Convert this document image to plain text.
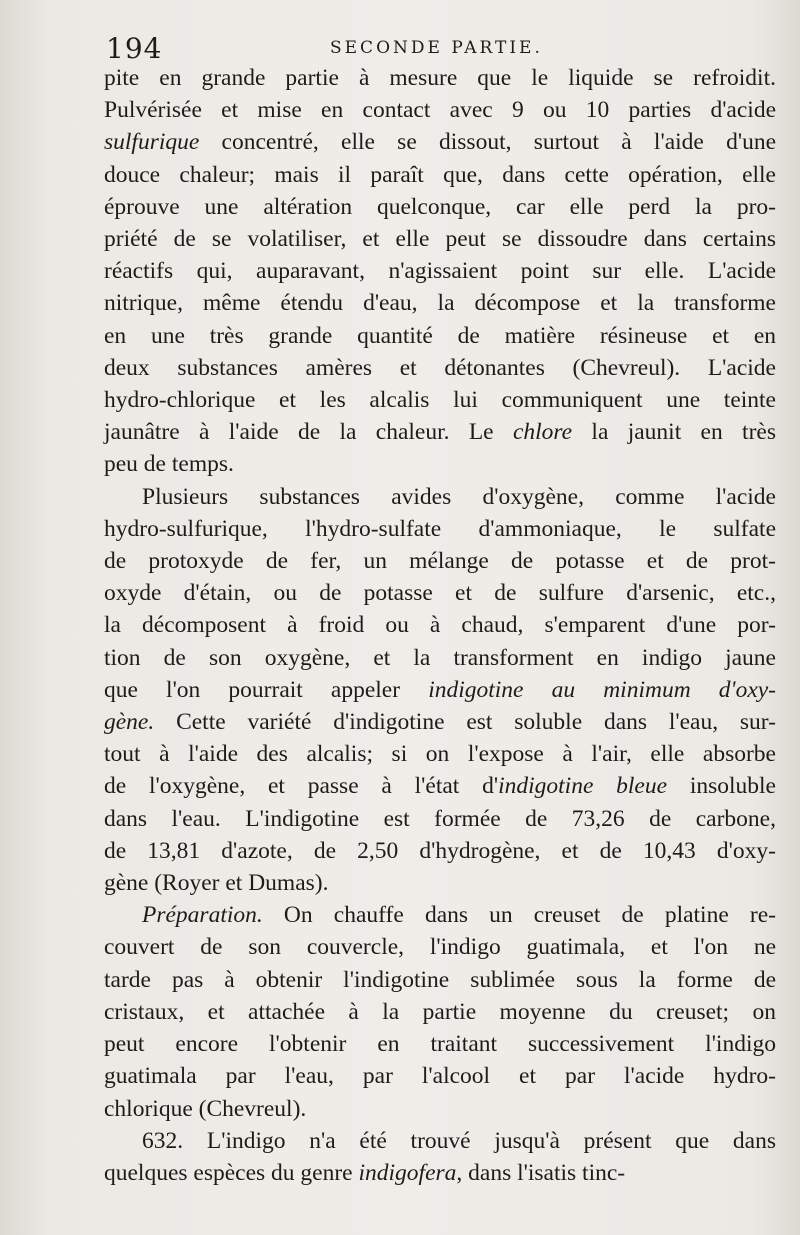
194	SECONDE PARTIE.

pite en grande partie à mesure que le liquide se refroidit.
Pulvérisée et mise en contact avec 9 ou 10 parties d'acide
sulfurique concentré, elle se dissout, surtout à l'aide d'une
douce chaleur; mais il paraît que, dans cette opération, elle
éprouve une altération quelconque, car elle perd la pro-
priété de se volatiliser, et elle peut se dissoudre dans certains
réactifs qui, auparavant, n'agissaient point sur elle. L'acide
nitrique, même étendu d'eau, la décompose et la transforme
en une très grande quantité de matière résineuse et en
deux substances amères et détonantes (Chevreul). L'acide
hydro-chlorique et les alcalis lui communiquent une teinte
jaunâtre à l'aide de la chaleur. Le chlore la jaunit en très
peu de temps.

Plusieurs substances avides d'oxygène, comme l'acide
hydro-sulfurique, l'hydro-sulfate d'ammoniaque, le sulfate
de protoxyde de fer, un mélange de potasse et de prot-
oxyde d'étain, ou de potasse et de sulfure d'arsenic, etc.,
la décomposent à froid ou à chaud, s'emparent d'une por-
tion de son oxygène, et la transforment en indigo jaune
que l'on pourrait appeler indigotine au minimum d'oxy-
gène. Cette variété d'indigotine est soluble dans l'eau, sur-
tout à l'aide des alcalis; si on l'expose à l'air, elle absorbe
de l'oxygène, et passe à l'état d'indigotine bleue insoluble
dans l'eau. L'indigotine est formée de 73,26 de carbone,
de 13,81 d'azote, de 2,50 d'hydrogène, et de 10,43 d'oxy-
gène (Royer et Dumas).

Préparation. On chauffe dans un creuset de platine re-
couvert de son couvercle, l'indigo guatimala, et l'on ne
tarde pas à obtenir l'indigotine sublimée sous la forme de
cristaux, et attachée à la partie moyenne du creuset; on
peut encore l'obtenir en traitant successivement l'indigo
guatimala par l'eau, par l'alcool et par l'acide hydro-
chlorique (Chevreul).

632. L'indigo n'a été trouvé jusqu'à présent que dans
quelques espèces du genre indigofera, dans l'isatis tinc-
